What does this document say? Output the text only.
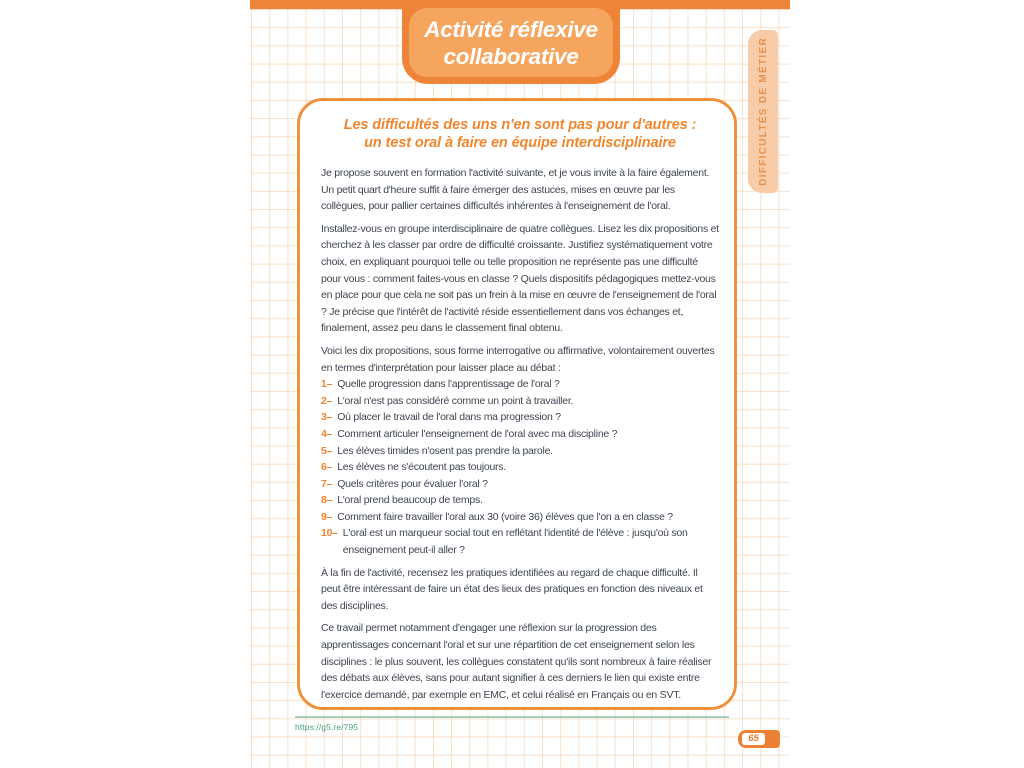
Activité réflexive
collaborative	DIFFICULTÉS DE MÉTIER
Les difficultés des uns n'en sont pas pour d'autres :
un test oral à faire en équipe interdisciplinaire
Je propose souvent en formation l'activité suivante, et je vous invite à la faire également. Un petit quart d'heure suffit à faire émerger des astuces, mises en œuvre par les collègues, pour pallier certaines difficultés inhérentes à l'enseignement de l'oral.
Installez-vous en groupe interdisciplinaire de quatre collègues. Lisez les dix propositions et cherchez à les classer par ordre de difficulté croissante. Justifiez systématiquement votre choix, en expliquant pourquoi telle ou telle proposition ne représente pas une difficulté pour vous : comment faites-vous en classe ? Quels dispositifs pédagogiques mettez-vous en place pour que cela ne soit pas un frein à la mise en œuvre de l'enseignement de l'oral ? Je précise que l'intérêt de l'activité réside essentiellement dans vos échanges et, finalement, assez peu dans le classement final obtenu.
Voici les dix propositions, sous forme interrogative ou affirmative, volontairement ouvertes en termes d'interprétation pour laisser place au débat :
1– Quelle progression dans l'apprentissage de l'oral ?
2– L'oral n'est pas considéré comme un point à travailler.
3– Où placer le travail de l'oral dans ma progression ?
4– Comment articuler l'enseignement de l'oral avec ma discipline ?
5– Les élèves timides n'osent pas prendre la parole.
6– Les élèves ne s'écoutent pas toujours.
7– Quels critères pour évaluer l'oral ?
8– L'oral prend beaucoup de temps.
9– Comment faire travailler l'oral aux 30 (voire 36) élèves que l'on a en classe ?
10– L'oral est un marqueur social tout en reflétant l'identité de l'élève : jusqu'où son enseignement peut-il aller ?
À la fin de l'activité, recensez les pratiques identifiées au regard de chaque difficulté. Il peut être intéressant de faire un état des lieux des pratiques en fonction des niveaux et des disciplines.
Ce travail permet notamment d'engager une réflexion sur la progression des apprentissages concernant l'oral et sur une répartition de cet enseignement selon les disciplines : le plus souvent, les collègues constatent qu'ils sont nombreux à faire réaliser des débats aux élèves, sans pour autant signifier à ces derniers le lien qui existe entre l'exercice demandé, par exemple en EMC, et celui réalisé en Français ou en SVT.
https://g5.re/795
65
